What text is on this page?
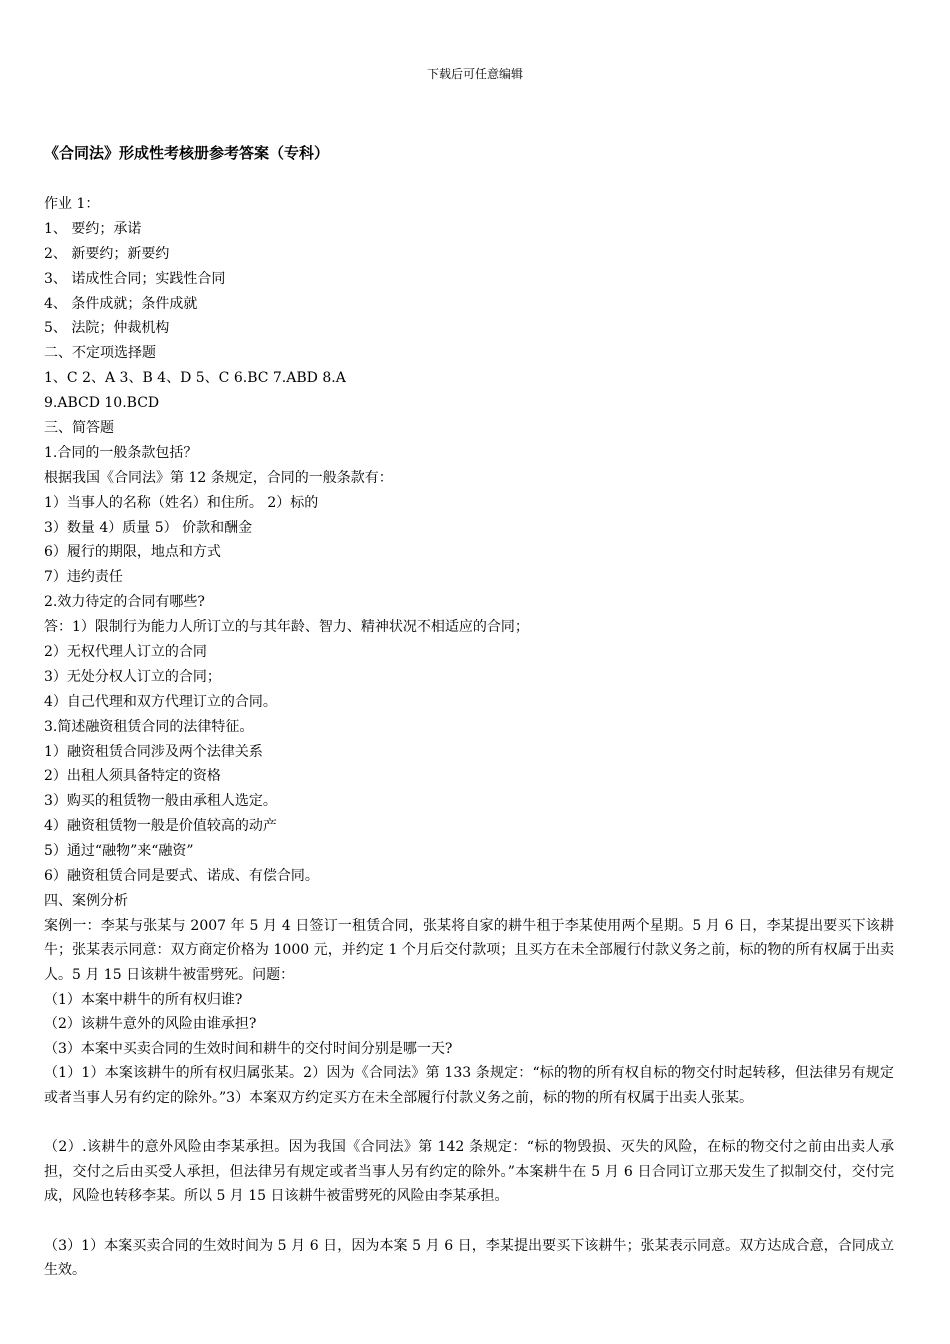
下载后可任意编辑
《合同法》形成性考核册参考答案（专科）
作业 1：
1、 要约；承诺
2、 新要约；新要约
3、 诺成性合同；实践性合同
4、 条件成就；条件成就
5、 法院；仲裁机构
二、不定项选择题
1、C 2、A 3、B 4、D 5、C 6.BC 7.ABD 8.A
9.ABCD 10.BCD
三、简答题
1.合同的一般条款包括？
根据我国《合同法》第 12 条规定，合同的一般条款有：
1）当事人的名称（姓名）和住所。 2）标的
3）数量 4）质量 5） 价款和酬金
6）履行的期限，地点和方式
7）违约责任
2.效力待定的合同有哪些?
答：1）限制行为能力人所订立的与其年龄、智力、精神状况不相适应的合同；
2）无权代理人订立的合同
3）无处分权人订立的合同；
4）自己代理和双方代理订立的合同。
3.简述融资租赁合同的法律特征。
1）融资租赁合同涉及两个法律关系
2）出租人须具备特定的资格
3）购买的租赁物一般由承租人选定。
4）融资租赁物一般是价值较高的动产
5）通过“融物”来“融资”
6）融资租赁合同是要式、诺成、有偿合同。
四、案例分析
案例一：李某与张某与 2007 年 5 月 4 日签订一租赁合同，张某将自家的耕牛租于李某使用两个星期。5 月 6 日，李某提出要买下该耕牛；张某表示同意：双方商定价格为 1000 元，并约定 1 个月后交付款项；且买方在未全部履行付款义务之前，标的物的所有权属于出卖人。5 月 15 日该耕牛被雷劈死。问题：
（1）本案中耕牛的所有权归谁?
（2）该耕牛意外的风险由谁承担?
（3）本案中买卖合同的生效时间和耕牛的交付时间分别是哪一天?
（1）1）本案该耕牛的所有权归属张某。2）因为《合同法》第 133 条规定：“标的物的所有权自标的物交付时起转移，但法律另有规定或者当事人另有约定的除外。”3）本案双方约定买方在未全部履行付款义务之前，标的物的所有权属于出卖人张某。
（2）.该耕牛的意外风险由李某承担。因为我国《合同法》第 142 条规定：“标的物毁损、灭失的风险，在标的物交付之前由出卖人承担，交付之后由买受人承担，但法律另有规定或者当事人另有约定的除外。”本案耕牛在 5 月 6 日合同订立那天发生了拟制交付，交付完成，风险也转移李某。所以 5 月 15 日该耕牛被雷劈死的风险由李某承担。
（3）1）本案买卖合同的生效时间为 5 月 6 日，因为本案 5 月 6 日，李某提出要买下该耕牛；张某表示同意。双方达成合意，合同成立生效。
